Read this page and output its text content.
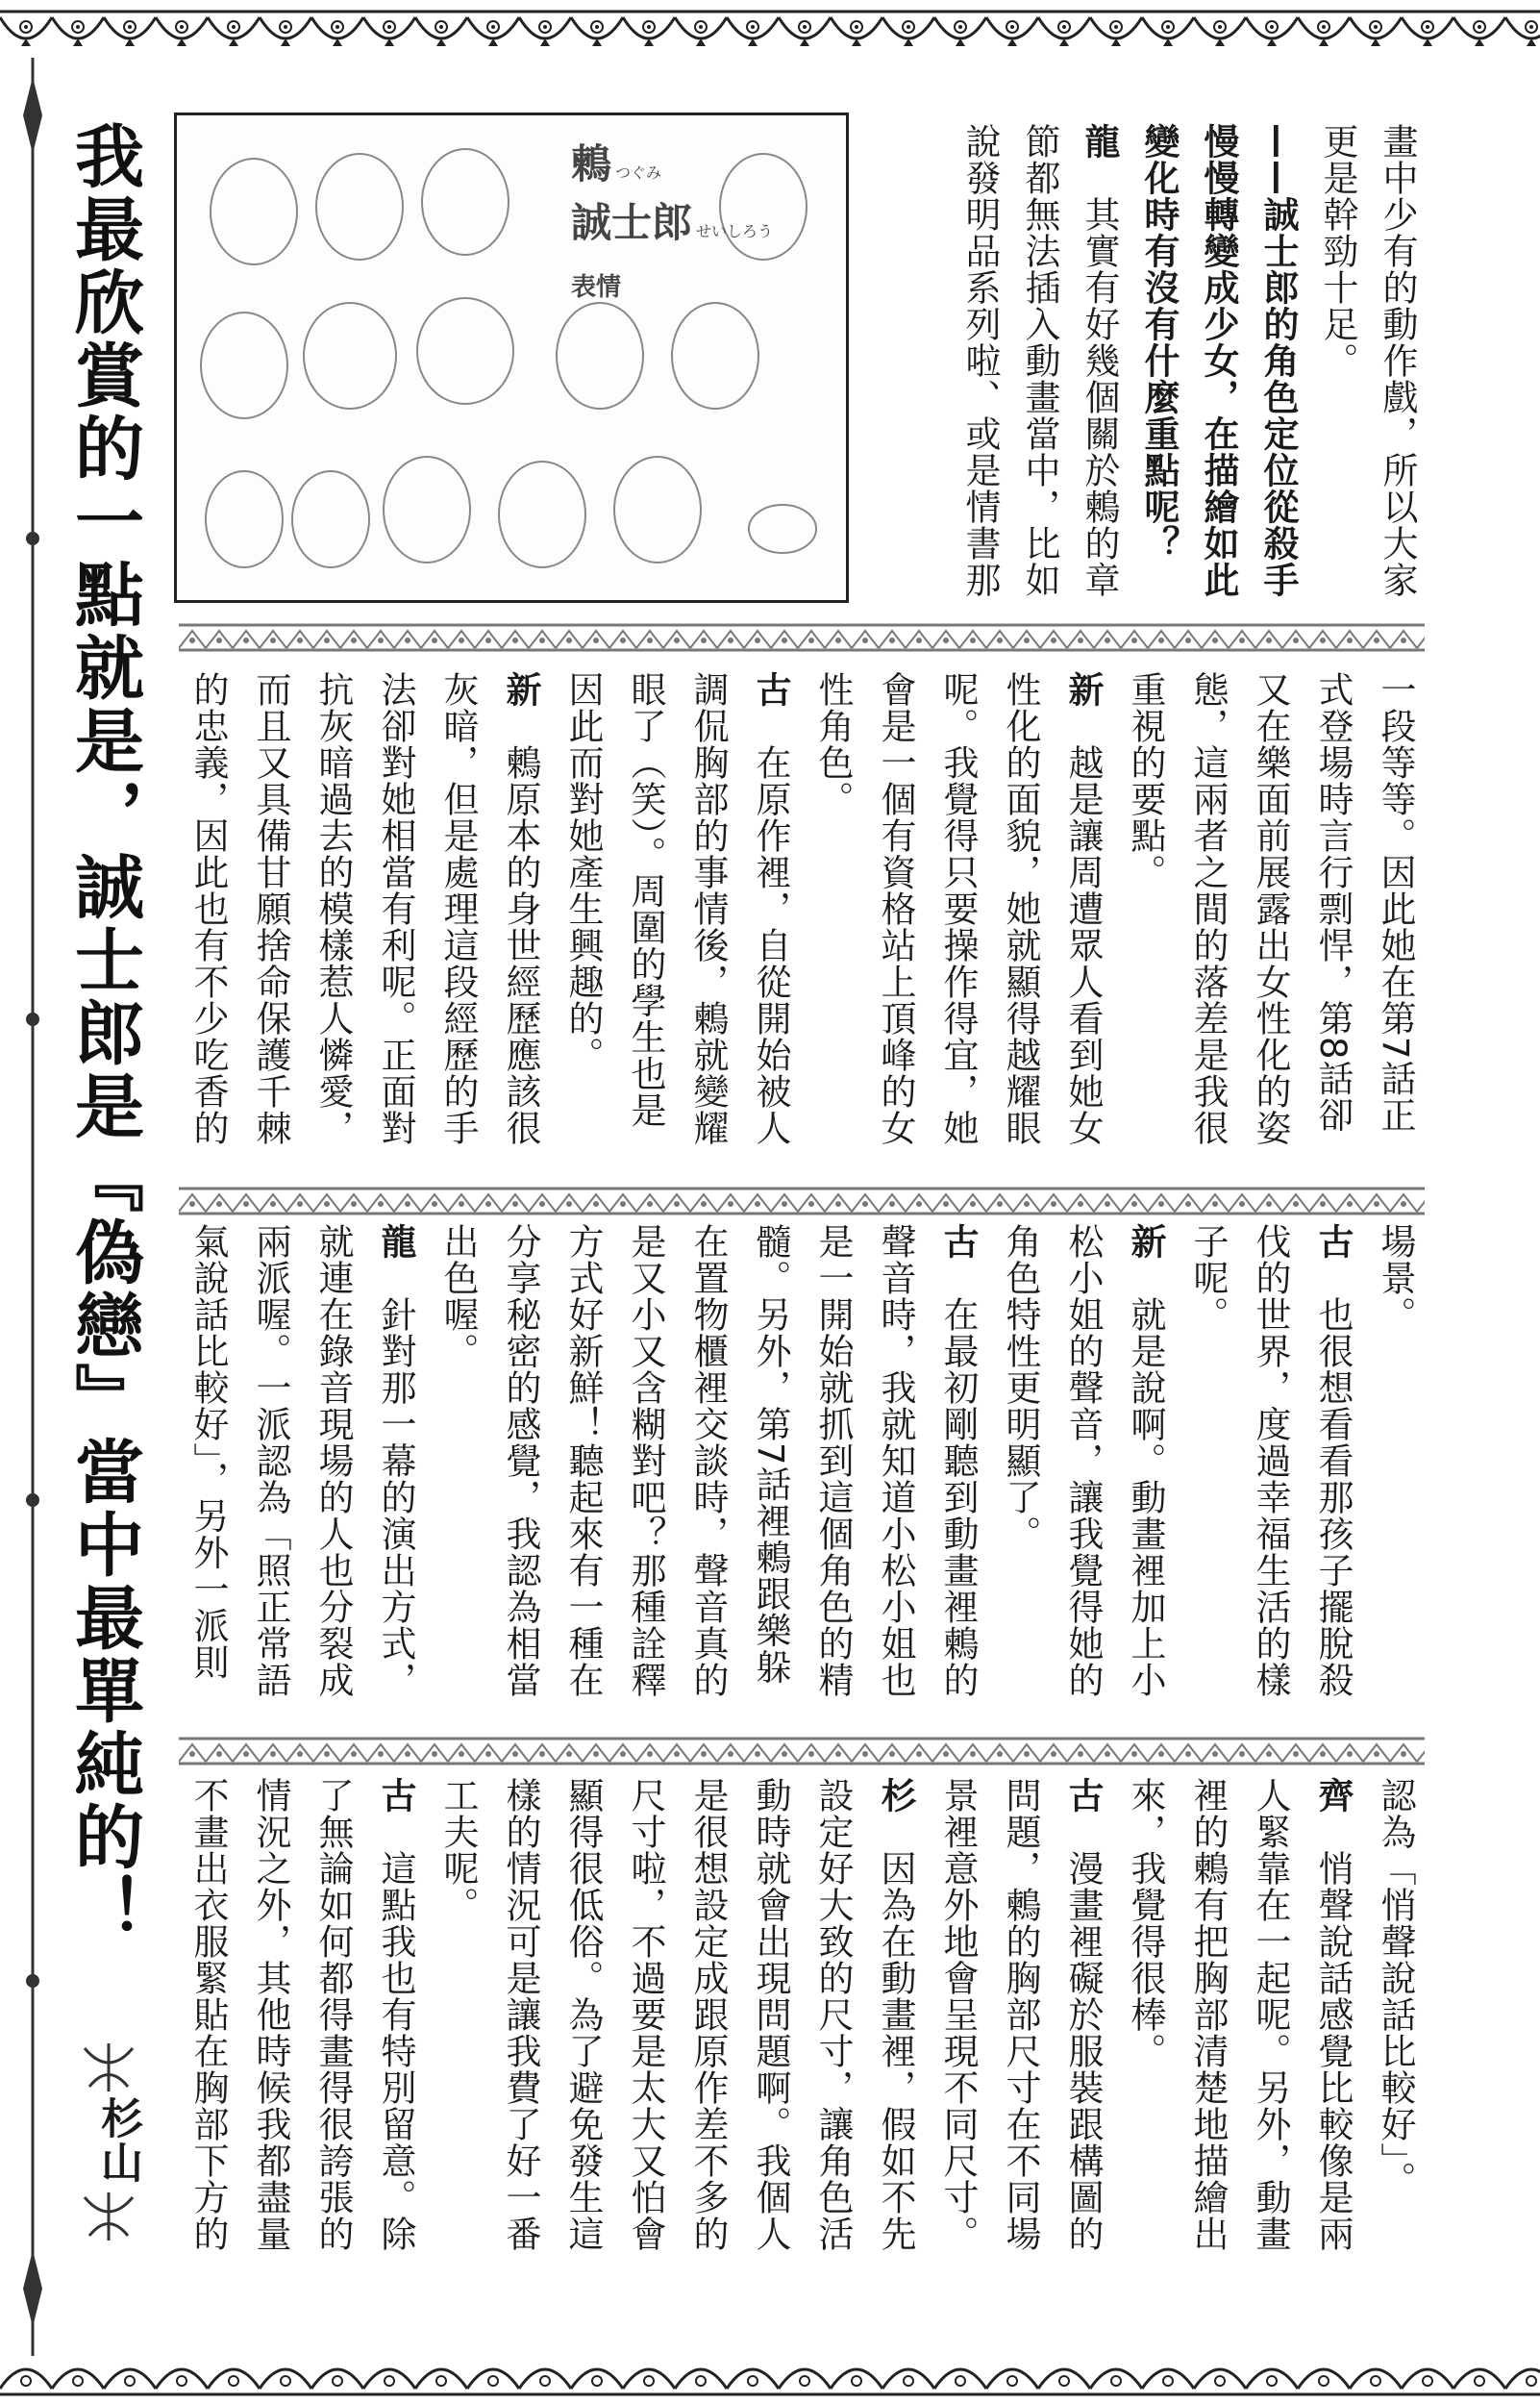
我最欣賞的一點就是，誠士郎是『偽戀』當中最單純的！
杉山
鶫つぐみ
誠士郎 せいしろう
表情	畫中少有的動作戲，所以大家
更是幹勁十足。
——誠士郎的角色定位從殺手
慢慢轉變成少女，在描繪如此
變化時有沒有什麼重點呢？
龍　其實有好幾個關於鶫的章
節都無法插入動畫當中，比如
說發明品系列啦、或是情書那
一段等等。因此她在第7話正
式登場時言行剽悍，第8話卻
又在樂面前展露出女性化的姿
態，這兩者之間的落差是我很
重視的要點。
新　越是讓周遭眾人看到她女
性化的面貌，她就顯得越耀眼
呢。我覺得只要操作得宜，她
會是一個有資格站上頂峰的女
性角色。
古　在原作裡，自從開始被人
調侃胸部的事情後，鶫就變耀
眼了（笑）。周圍的學生也是
因此而對她產生興趣的。
新　鶫原本的身世經歷應該很
灰暗，但是處理這段經歷的手
法卻對她相當有利呢。正面對
抗灰暗過去的模樣惹人憐愛，
而且又具備甘願捨命保護千棘
的忠義，因此也有不少吃香的
場景。
古　也很想看看那孩子擺脫殺
伐的世界，度過幸福生活的樣
子呢。
新　就是說啊。動畫裡加上小
松小姐的聲音，讓我覺得她的
角色特性更明顯了。
古　在最初剛聽到動畫裡鶫的
聲音時，我就知道小松小姐也
是一開始就抓到這個角色的精
髓。另外，第7話裡鶫跟樂躲
在置物櫃裡交談時，聲音真的
是又小又含糊對吧？那種詮釋
方式好新鮮！聽起來有一種在
分享秘密的感覺，我認為相當
出色喔。
龍　針對那一幕的演出方式，
就連在錄音現場的人也分裂成
兩派喔。一派認為「照正常語
氣說話比較好」，另外一派則
認為「悄聲說話比較好」。
齊　悄聲說話感覺比較像是兩
人緊靠在一起呢。另外，動畫
裡的鶫有把胸部清楚地描繪出
來，我覺得很棒。
古　漫畫裡礙於服裝跟構圖的
問題，鶫的胸部尺寸在不同場
景裡意外地會呈現不同尺寸。
杉　因為在動畫裡，假如不先
設定好大致的尺寸，讓角色活
動時就會出現問題啊。我個人
是很想設定成跟原作差不多的
尺寸啦，不過要是太大又怕會
顯得很低俗。為了避免發生這
樣的情況可是讓我費了好一番
工夫呢。
古　這點我也有特別留意。除
了無論如何都得畫得很誇張的
情況之外，其他時候我都盡量
不畫出衣服緊貼在胸部下方的
